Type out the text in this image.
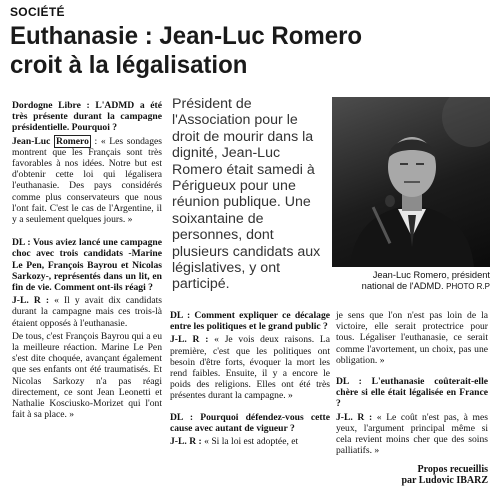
SOCIÉTÉ
Euthanasie : Jean-Luc Romero
croit à la légalisation

Dordogne Libre : L'ADMD a été très présente durant la campagne présidentielle. Pourquoi ?

Jean-Luc Romero : « Les sondages montrent que les Français sont très favorables à nos idées. Notre but est d'obtenir cette loi qui légalisera l'euthanasie. Des pays considérés comme plus conservateurs que nous l'ont fait. C'est le cas de l'Argentine, il y a seulement quelques jours. »

DL : Vous aviez lancé une campagne choc avec trois candidats -Marine Le Pen, François Bayrou et Nicolas Sarkozy-, représentés dans un lit, en fin de vie. Comment ont-ils réagi ?

J-L. R : « Il y avait dix candidats durant la campagne mais ces trois-là étaient opposés à l'euthanasie.

De tous, c'est François Bayrou qui a eu la meilleure réaction. Marine Le Pen s'est dite choquée, avançant également que ses enfants ont été traumatisés. Et Nicolas Sarkozy n'a pas réagi directement, ce sont Jean Leonetti et Nathalie Kosciusko-Morizet qui l'ont fait à sa place. »

Président de l'Association pour le droit de mourir dans la dignité, Jean-Luc Romero était samedi à Périgueux pour une réunion publique. Une soixantaine de personnes, dont plusieurs candidats aux législatives, y ont participé.
Jean-Luc Romero, président national de l'ADMD. PHOTO R.P

DL : Comment expliquer ce décalage entre les politiques et le grand public ?

J-L. R : « Je vois deux raisons. La première, c'est que les politiques ont besoin d'être forts, évoquer la mort les rend faibles. Ensuite, il y a encore le poids des religions. Elles ont été très présentes durant la campagne. »

DL : Pourquoi défendez-vous cette cause avec autant de vigueur ?

J-L. R : « Si la loi est adoptée, et

je sens que l'on n'est pas loin de la victoire, elle serait protectrice pour tous. Légaliser l'euthanasie, ce serait comme l'avortement, un choix, pas une obligation. »

DL : L'euthanasie coûterait-elle chère si elle était légalisée en France ?

J-L. R : « Le coût n'est pas, à mes yeux, l'argument principal même si cela revient moins cher que des soins palliatifs. »

Propos recueillis
par Ludovic IBARZ
